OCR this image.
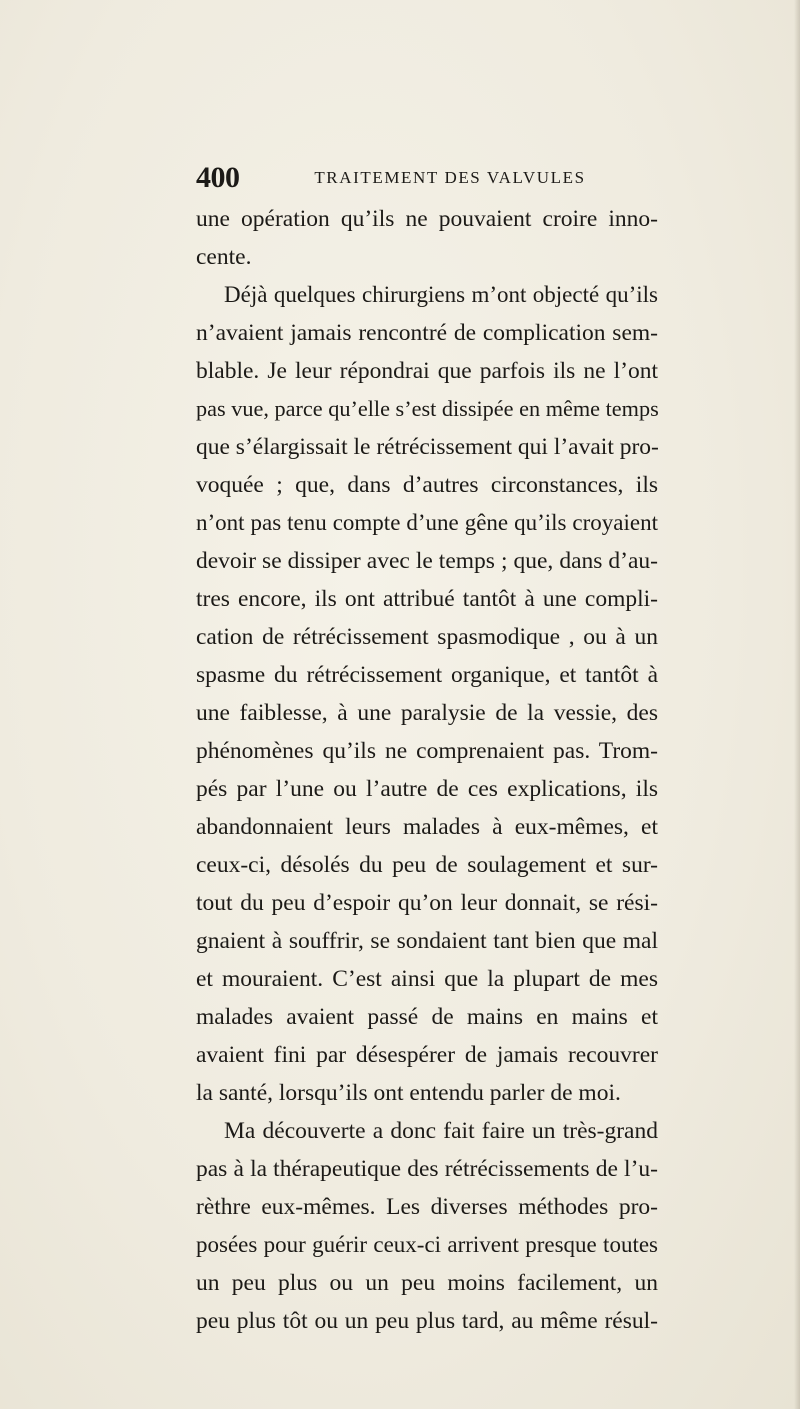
400	TRAITEMENT DES VALVULES
une opération qu’ils ne pouvaient croire inno-
cente.
Déjà quelques chirurgiens m’ont objecté qu’ils
n’avaient jamais rencontré de complication sem-
blable. Je leur répondrai que parfois ils ne l’ont
pas vue, parce qu’elle s’est dissipée en même temps
que s’élargissait le rétrécissement qui l’avait pro-
voquée ; que, dans d’autres circonstances, ils
n’ont pas tenu compte d’une gêne qu’ils croyaient
devoir se dissiper avec le temps ; que, dans d’au-
tres encore, ils ont attribué tantôt à une compli-
cation de rétrécissement spasmodique , ou à un
spasme du rétrécissement organique, et tantôt à
une faiblesse, à une paralysie de la vessie, des
phénomènes qu’ils ne comprenaient pas. Trom-
pés par l’une ou l’autre de ces explications, ils
abandonnaient leurs malades à eux-mêmes, et
ceux-ci, désolés du peu de soulagement et sur-
tout du peu d’espoir qu’on leur donnait, se rési-
gnaient à souffrir, se sondaient tant bien que mal
et mouraient. C’est ainsi que la plupart de mes
malades avaient passé de mains en mains et
avaient fini par désespérer de jamais recouvrer
la santé, lorsqu’ils ont entendu parler de moi.
Ma découverte a donc fait faire un très-grand
pas à la thérapeutique des rétrécissements de l’u-
rèthre eux-mêmes. Les diverses méthodes pro-
posées pour guérir ceux-ci arrivent presque toutes
un peu plus ou un peu moins facilement, un
peu plus tôt ou un peu plus tard, au même résul-
